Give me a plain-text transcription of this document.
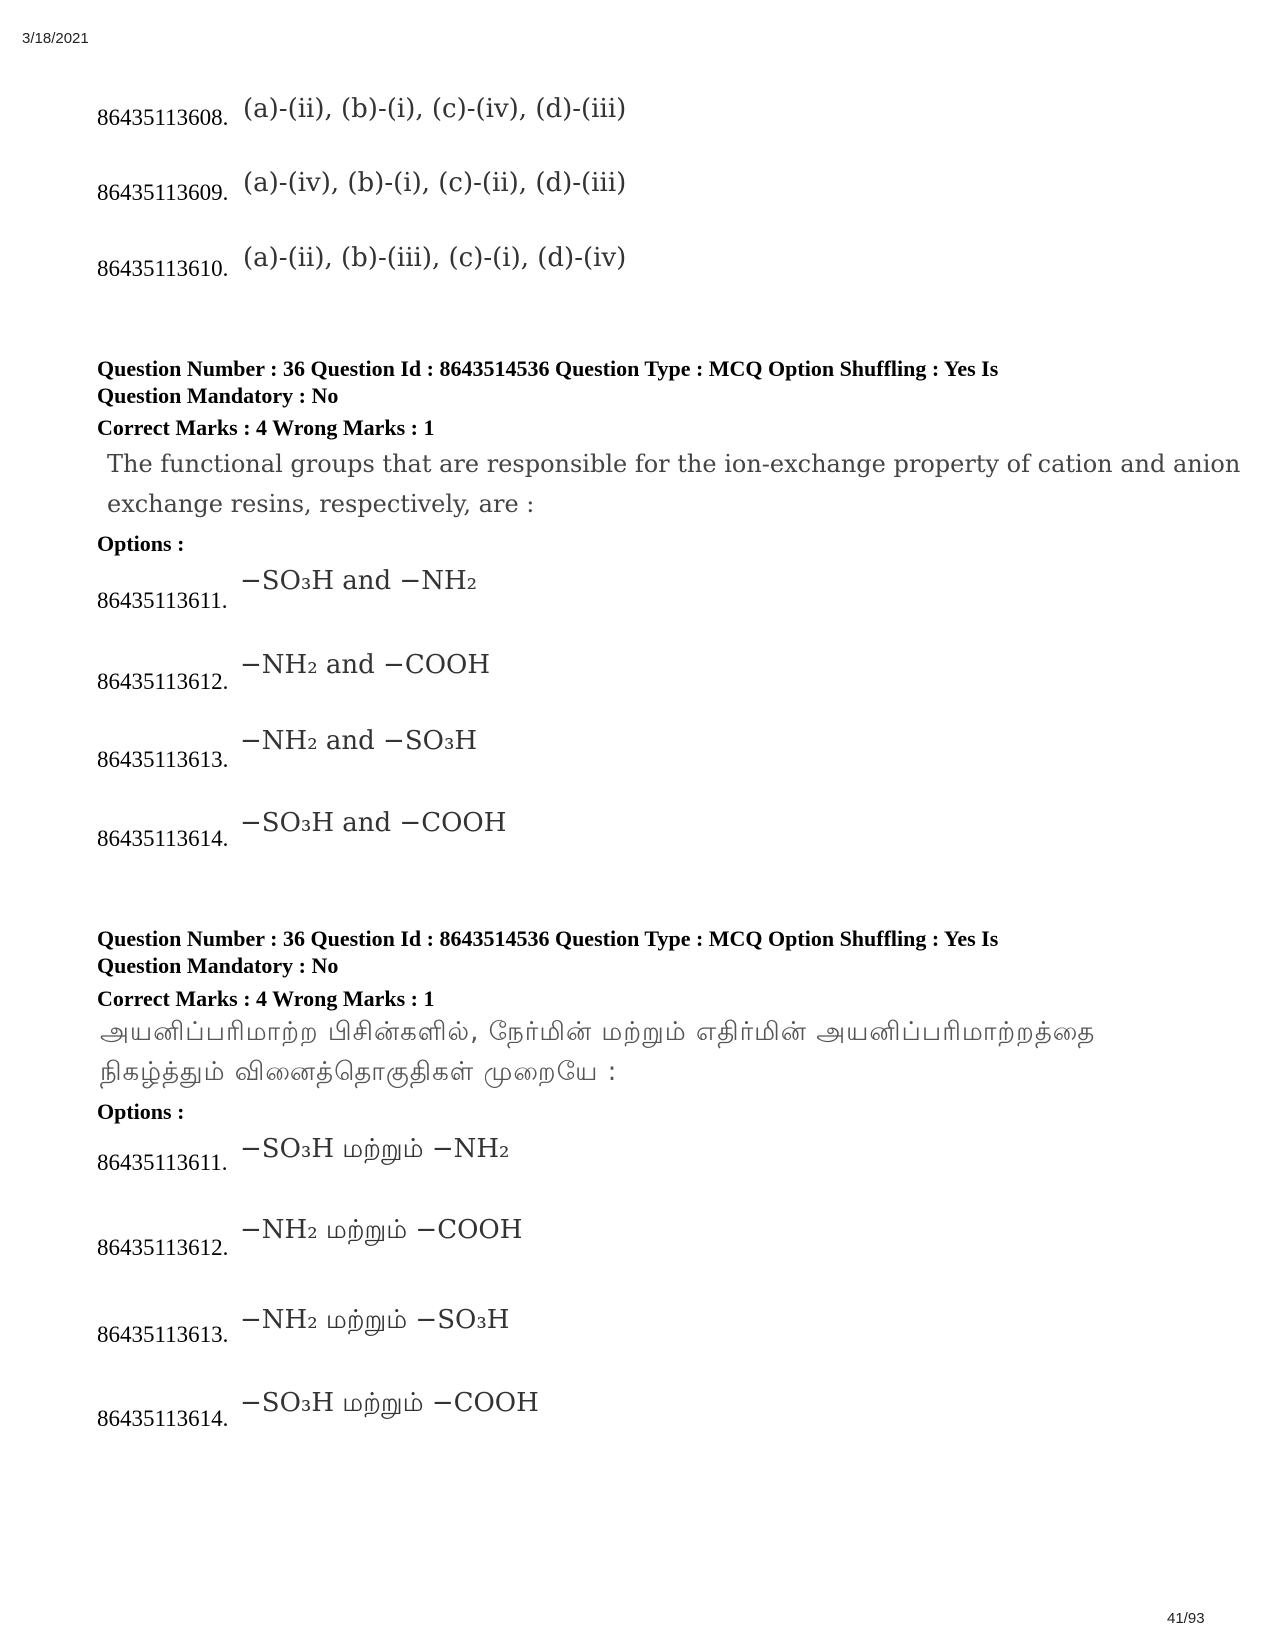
3/18/2021
86435113608. (a)-(ii), (b)-(i), (c)-(iv), (d)-(iii)
86435113609. (a)-(iv), (b)-(i), (c)-(ii), (d)-(iii)
86435113610. (a)-(ii), (b)-(iii), (c)-(i), (d)-(iv)
Question Number : 36 Question Id : 8643514536 Question Type : MCQ Option Shuffling : Yes Is
Question Mandatory : No
Correct Marks : 4 Wrong Marks : 1
The functional groups that are responsible for the ion-exchange property of cation and anion
exchange resins, respectively, are :
Options :
86435113611.
−SO₃H and −NH₂
86435113612.
−NH₂ and −COOH
86435113613.
−NH₂ and −SO₃H
86435113614.
−SO₃H and −COOH
Question Number : 36 Question Id : 8643514536 Question Type : MCQ Option Shuffling : Yes Is
Question Mandatory : No
Correct Marks : 4 Wrong Marks : 1
அயனிப்பரிமாற்ற பிசின்களில், நேர்மின் மற்றும் எதிர்மின் அயனிப்பரிமாற்றத்தை
நிகழ்த்தும் வினைத்தொகுதிகள் முறையே :
Options :
86435113611. −SO₃H மற்றும் −NH₂
86435113612.
−NH₂ மற்றும் −COOH
86435113613. −NH₂ மற்றும் −SO₃H
86435113614.
−SO₃H மற்றும் −COOH
41/93
